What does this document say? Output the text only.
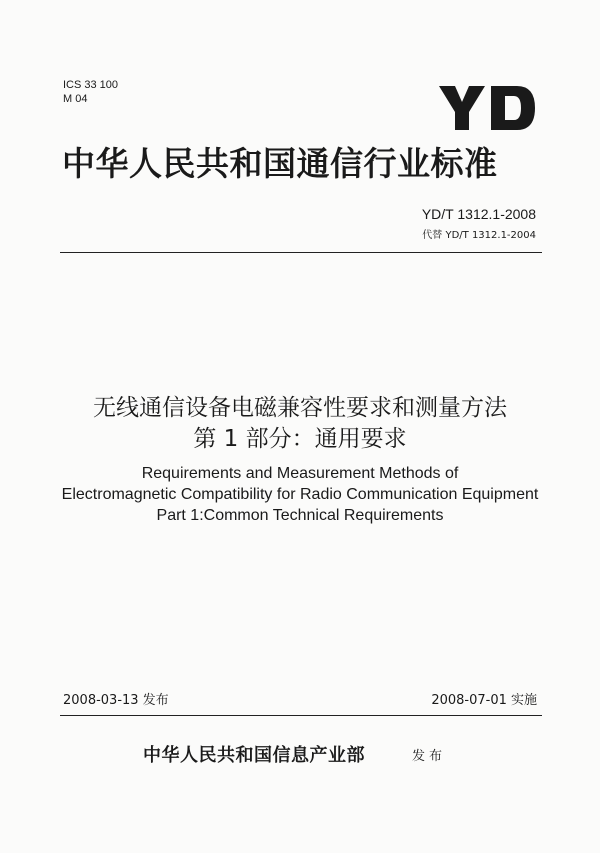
ICS 33 100
M 04
中华人民共和国通信行业标准
YD/T 1312.1-2008
代替 YD/T 1312.1-2004
无线通信设备电磁兼容性要求和测量方法
第 1 部分：通用要求
Requirements and Measurement Methods of
Electromagnetic Compatibility for Radio Communication Equipment
Part 1:Common Technical Requirements
2008-03-13 发布	2008-07-01 实施
中华人民共和国信息产业部	发布
